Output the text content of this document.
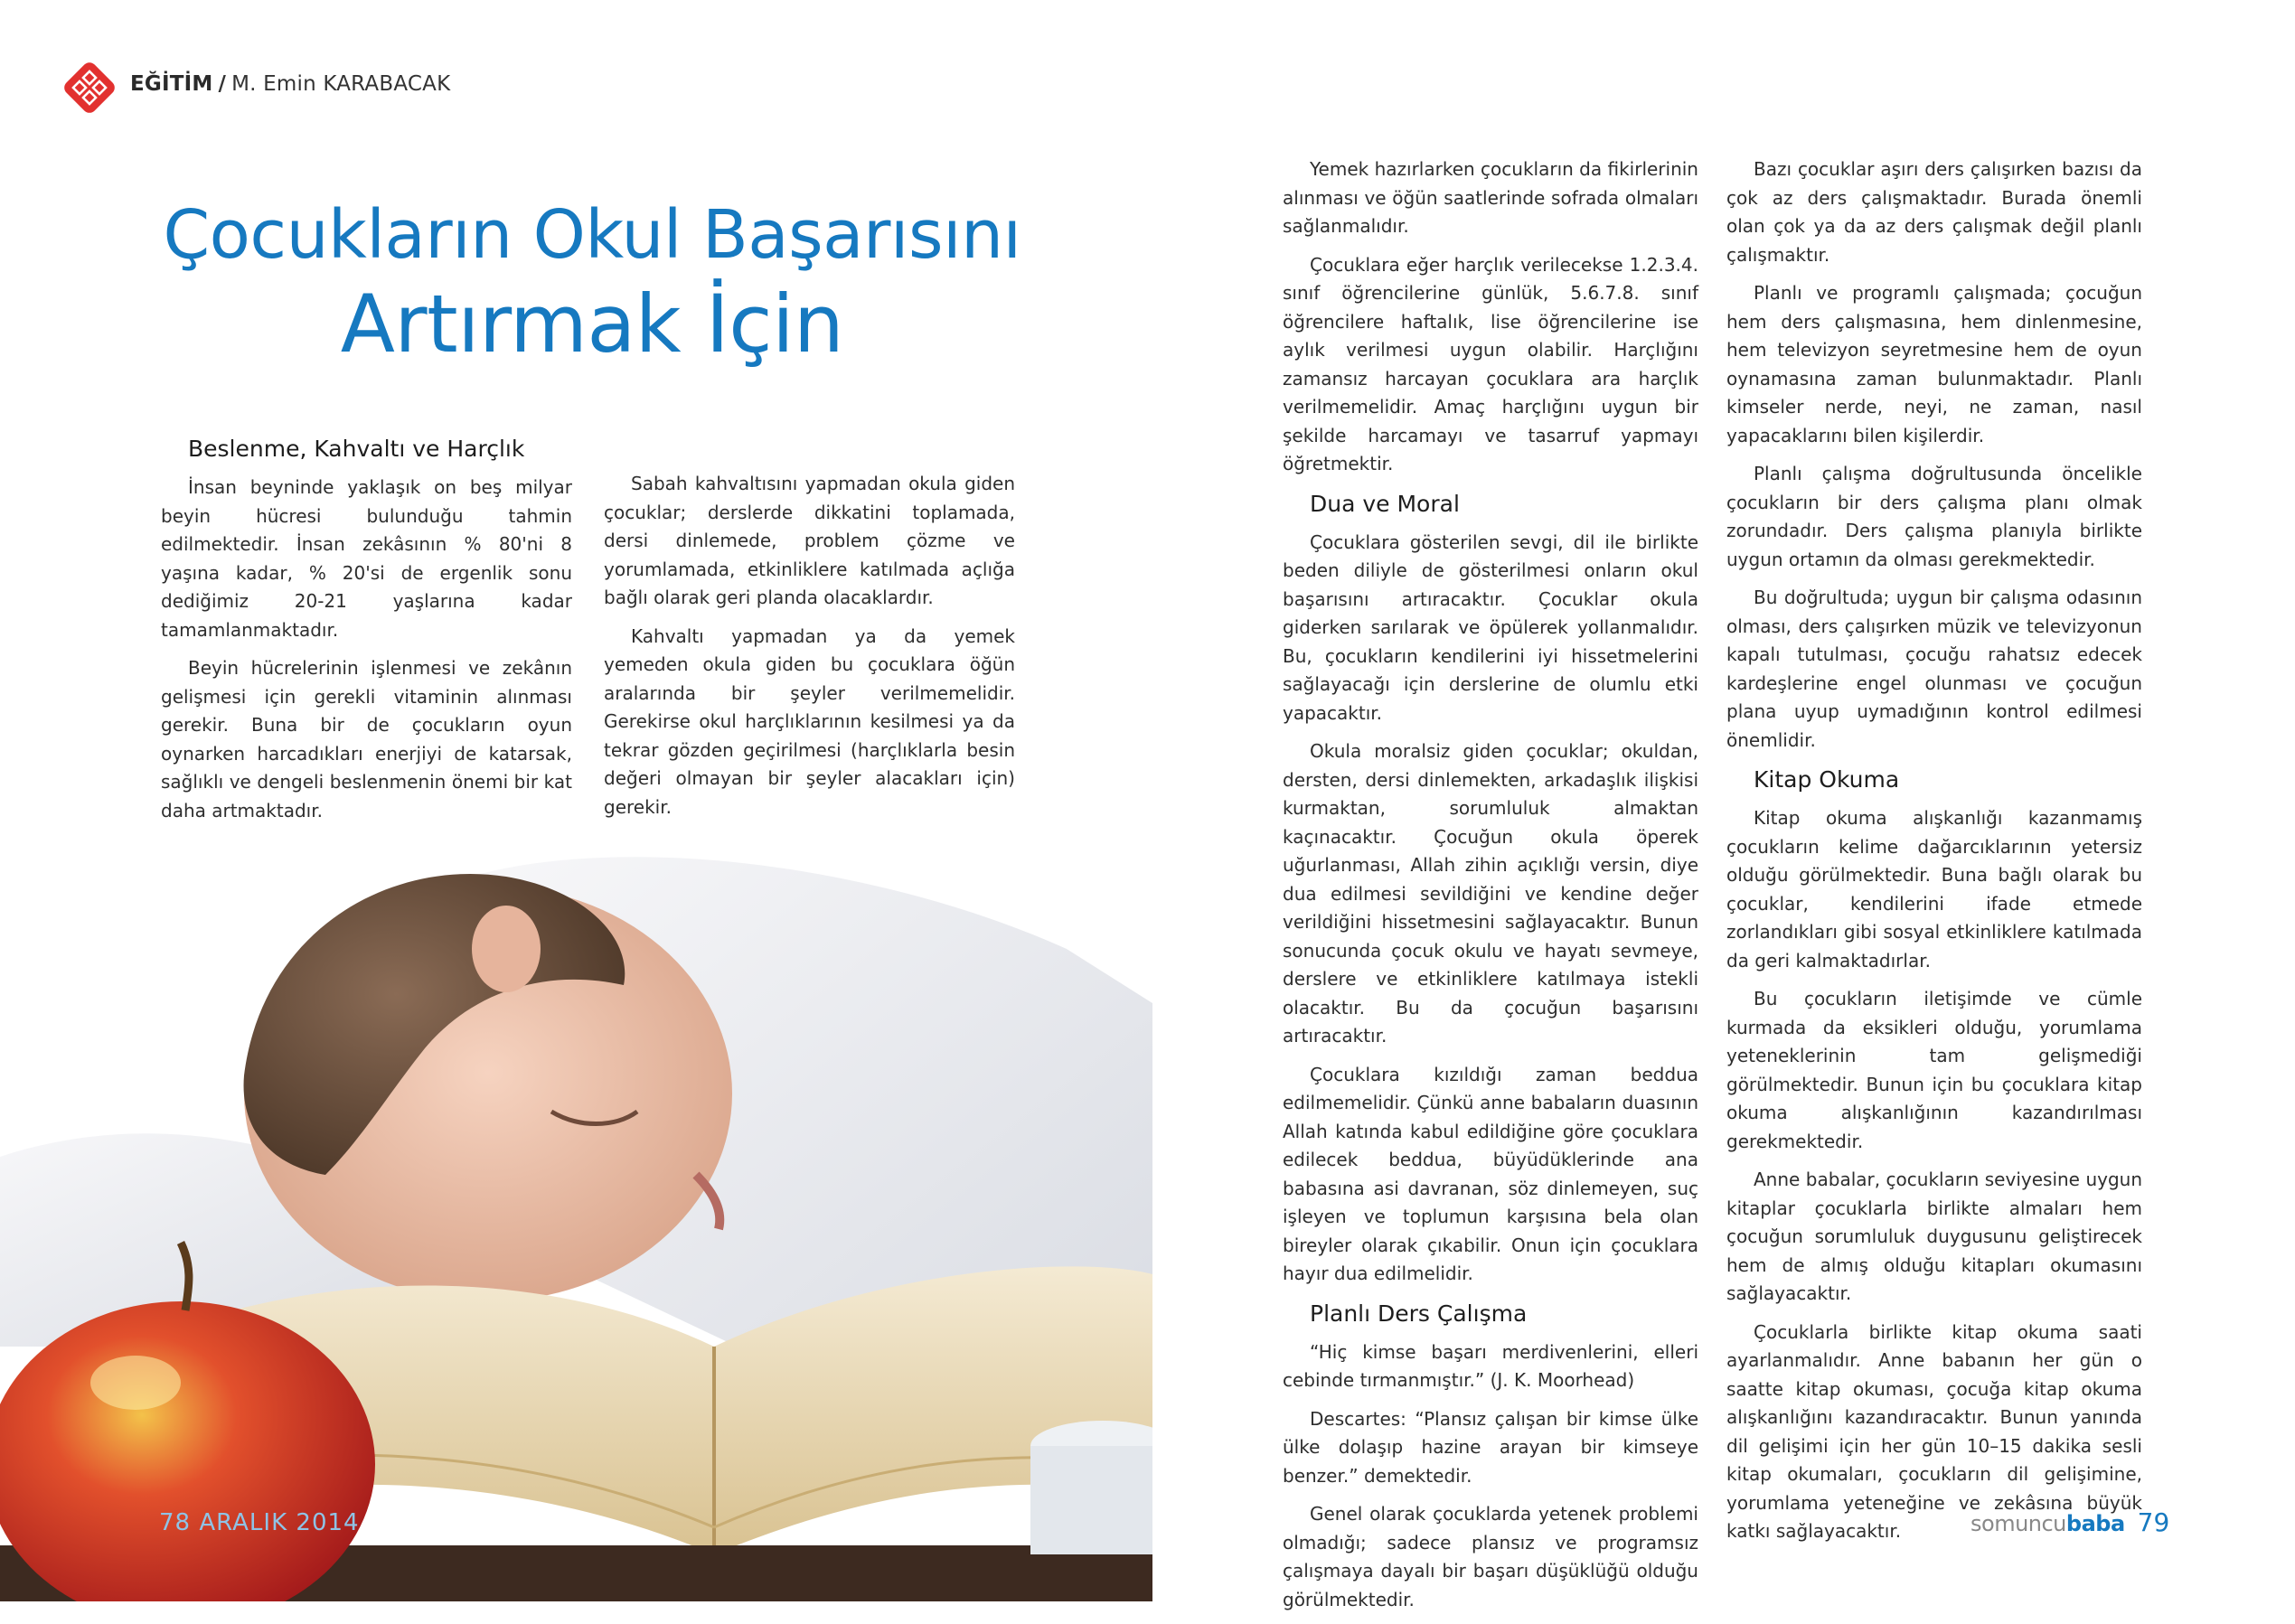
EĞİTİM / M. Emin KARABACAK
Çocukların Okul Başarısını
Artırmak İçin
Beslenme, Kahvaltı ve Harçlık

İnsan beyninde yaklaşık on beş milyar beyin hücresi bulunduğu tahmin edilmektedir. İnsan zekâsının % 80'ni 8 yaşına kadar, % 20'si de ergenlik sonu dediğimiz 20-21 yaşlarına kadar tamamlanmaktadır.

Beyin hücrelerinin işlenmesi ve zekânın gelişmesi için gerekli vitaminin alınması gerekir. Buna bir de çocukların oyun oynarken harcadıkları enerjiyi de katarsak, sağlıklı ve dengeli beslenmenin önemi bir kat daha artmaktadır.

Sabah kahvaltısını yapmadan okula giden çocuklar; derslerde dikkatini toplamada, dersi dinlemede, problem çözme ve yorumlamada, etkinliklere katılmada açlığa bağlı olarak geri planda olacaklardır.

Kahvaltı yapmadan ya da yemek yemeden okula giden bu çocuklara öğün aralarında bir şeyler verilmemelidir. Gerekirse okul harçlıklarının kesilmesi ya da tekrar gözden geçirilmesi (harçlıklarla besin değeri olmayan bir şeyler alacakları için) gerekir.

Yemek hazırlarken çocukların da fikirlerinin alınması ve öğün saatlerinde sofrada olmaları sağlanmalıdır.

Çocuklara eğer harçlık verilecekse 1.2.3.4. sınıf öğrencilerine günlük, 5.6.7.8. sınıf öğrencilere haftalık, lise öğrencilerine ise aylık verilmesi uygun olabilir. Harçlığını zamansız harcayan çocuklara ara harçlık verilmemelidir. Amaç harçlığını uygun bir şekilde harcamayı ve tasarruf yapmayı öğretmektir.

Dua ve Moral

Çocuklara gösterilen sevgi, dil ile birlikte beden diliyle de gösterilmesi onların okul başarısını artıracaktır. Çocuklar okula giderken sarılarak ve öpülerek yollanmalıdır. Bu, çocukların kendilerini iyi hissetmelerini sağlayacağı için derslerine de olumlu etki yapacaktır.

Okula moralsiz giden çocuklar; okuldan, dersten, dersi dinlemekten, arkadaşlık ilişkisi kurmaktan, sorumluluk almaktan kaçınacaktır. Çocuğun okula öperek uğurlanması, Allah zihin açıklığı versin, diye dua edilmesi sevildiğini ve kendine değer verildiğini hissetmesini sağlayacaktır. Bunun sonucunda çocuk okulu ve hayatı sevmeye, derslere ve etkinliklere katılmaya istekli olacaktır. Bu da çocuğun başarısını artıracaktır.

Çocuklara kızıldığı zaman beddua edilmemelidir. Çünkü anne babaların duasının Allah katında kabul edildiğine göre çocuklara edilecek beddua, büyüdüklerinde ana babasına asi davranan, söz dinlemeyen, suç işleyen ve toplumun karşısına bela olan bireyler olarak çıkabilir. Onun için çocuklara hayır dua edilmelidir.

Planlı Ders Çalışma

“Hiç kimse başarı merdivenlerini, elleri cebinde tırmanmıştır.” (J. K. Moorhead)

Descartes: “Plansız çalışan bir kimse ülke ülke dolaşıp hazine arayan bir kimseye benzer.” demektedir.

Genel olarak çocuklarda yetenek problemi olmadığı; sadece plansız ve programsız çalışmaya dayalı bir başarı düşüklüğü olduğu görülmektedir.

Bazı çocuklar aşırı ders çalışırken bazısı da çok az ders çalışmaktadır. Burada önemli olan çok ya da az ders çalışmak değil planlı çalışmaktır.

Planlı ve programlı çalışmada; çocuğun hem ders çalışmasına, hem dinlenmesine, hem televizyon seyretmesine hem de oyun oynamasına zaman bulunmaktadır. Planlı kimseler nerde, neyi, ne zaman, nasıl yapacaklarını bilen kişilerdir.

Planlı çalışma doğrultusunda öncelikle çocukların bir ders çalışma planı olmak zorundadır. Ders çalışma planıyla birlikte uygun ortamın da olması gerekmektedir.

Bu doğrultuda; uygun bir çalışma odasının olması, ders çalışırken müzik ve televizyonun kapalı tutulması, çocuğu rahatsız edecek kardeşlerine engel olunması ve çocuğun plana uyup uymadığının kontrol edilmesi önemlidir.

Kitap Okuma

Kitap okuma alışkanlığı kazanmamış çocukların kelime dağarcıklarının yetersiz olduğu görülmektedir. Buna bağlı olarak bu çocuklar, kendilerini ifade etmede zorlandıkları gibi sosyal etkinliklere katılmada da geri kalmaktadırlar.

Bu çocukların iletişimde ve cümle kurmada da eksikleri olduğu, yorumlama yeteneklerinin tam gelişmediği görülmektedir. Bunun için bu çocuklara kitap okuma alışkanlığının kazandırılması gerekmektedir.

Anne babalar, çocukların seviyesine uygun kitaplar çocuklarla birlikte almaları hem çocuğun sorumluluk duygusunu geliştirecek hem de almış olduğu kitapları okumasını sağlayacaktır.

Çocuklarla birlikte kitap okuma saati ayarlanmalıdır. Anne babanın her gün o saatte kitap okuması, çocuğa kitap okuma alışkanlığını kazandıracaktır. Bunun yanında dil gelişimi için her gün 10–15 dakika sesli kitap okumaları, çocukların dil gelişimine, yorumlama yeteneğine ve zekâsına büyük katkı sağlayacaktır.

78 ARALIK 2014	somuncubaba 79
